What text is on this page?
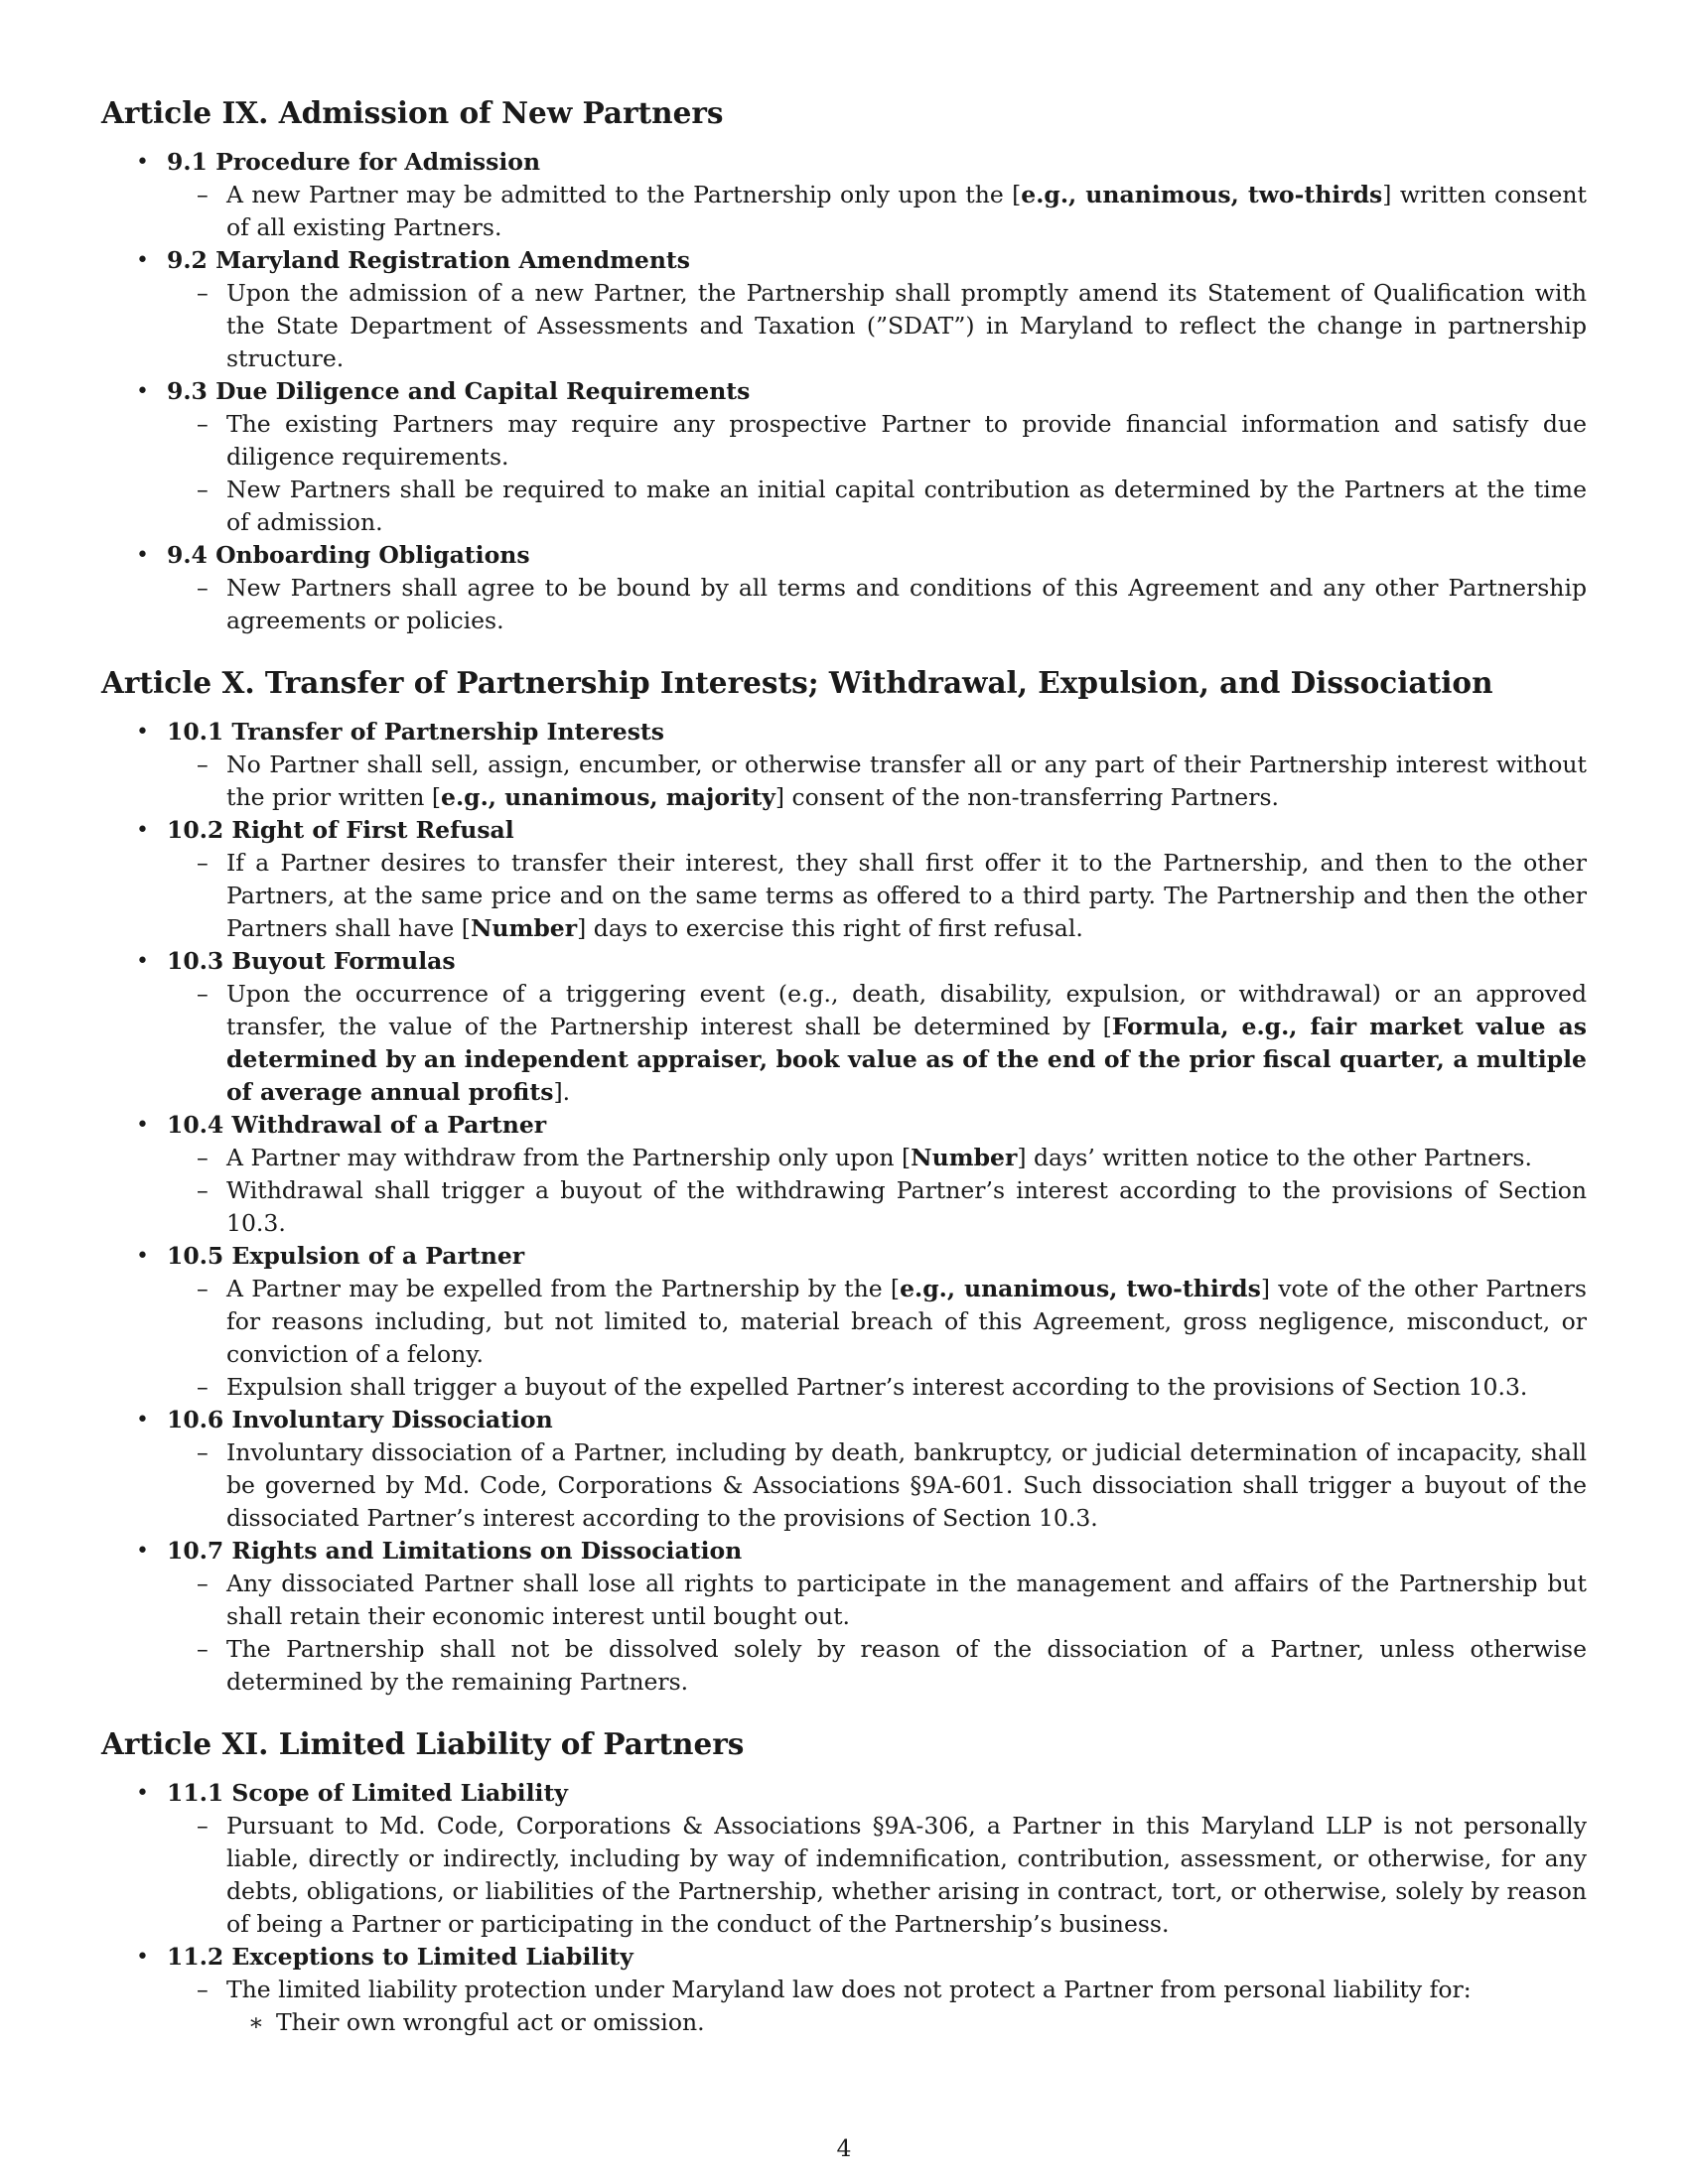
Article IX. Admission of New Partners
• 9.1 Procedure for Admission
– A new Partner may be admitted to the Partnership only upon the [e.g., unanimous, two-thirds] written consent of all existing Partners.
• 9.2 Maryland Registration Amendments
– Upon the admission of a new Partner, the Partnership shall promptly amend its Statement of Qualification with the State Department of Assessments and Taxation (”SDAT”) in Maryland to reflect the change in partnership structure.
• 9.3 Due Diligence and Capital Requirements
– The existing Partners may require any prospective Partner to provide financial information and satisfy due diligence requirements.
– New Partners shall be required to make an initial capital contribution as determined by the Partners at the time of admission.
• 9.4 Onboarding Obligations
– New Partners shall agree to be bound by all terms and conditions of this Agreement and any other Partnership agreements or policies.
Article X. Transfer of Partnership Interests; Withdrawal, Expulsion, and Dissociation
• 10.1 Transfer of Partnership Interests
– No Partner shall sell, assign, encumber, or otherwise transfer all or any part of their Partnership interest without the prior written [e.g., unanimous, majority] consent of the non-transferring Partners.
• 10.2 Right of First Refusal
– If a Partner desires to transfer their interest, they shall first offer it to the Partnership, and then to the other Partners, at the same price and on the same terms as offered to a third party. The Partnership and then the other Partners shall have [Number] days to exercise this right of first refusal.
• 10.3 Buyout Formulas
– Upon the occurrence of a triggering event (e.g., death, disability, expulsion, or withdrawal) or an approved transfer, the value of the Partnership interest shall be determined by [Formula, e.g., fair market value as determined by an independent appraiser, book value as of the end of the prior fiscal quarter, a multiple of average annual profits].
• 10.4 Withdrawal of a Partner
– A Partner may withdraw from the Partnership only upon [Number] days’ written notice to the other Partners.
– Withdrawal shall trigger a buyout of the withdrawing Partner’s interest according to the provisions of Section 10.3.
• 10.5 Expulsion of a Partner
– A Partner may be expelled from the Partnership by the [e.g., unanimous, two-thirds] vote of the other Partners for reasons including, but not limited to, material breach of this Agreement, gross negligence, misconduct, or conviction of a felony.
– Expulsion shall trigger a buyout of the expelled Partner’s interest according to the provisions of Section 10.3.
• 10.6 Involuntary Dissociation
– Involuntary dissociation of a Partner, including by death, bankruptcy, or judicial determination of incapacity, shall be governed by Md. Code, Corporations & Associations §9A-601. Such dissociation shall trigger a buyout of the dissociated Partner’s interest according to the provisions of Section 10.3.
• 10.7 Rights and Limitations on Dissociation
– Any dissociated Partner shall lose all rights to participate in the management and affairs of the Partnership but shall retain their economic interest until bought out.
– The Partnership shall not be dissolved solely by reason of the dissociation of a Partner, unless otherwise determined by the remaining Partners.
Article XI. Limited Liability of Partners
• 11.1 Scope of Limited Liability
– Pursuant to Md. Code, Corporations & Associations §9A-306, a Partner in this Maryland LLP is not personally liable, directly or indirectly, including by way of indemnification, contribution, assessment, or otherwise, for any debts, obligations, or liabilities of the Partnership, whether arising in contract, tort, or otherwise, solely by reason of being a Partner or participating in the conduct of the Partnership’s business.
• 11.2 Exceptions to Limited Liability
– The limited liability protection under Maryland law does not protect a Partner from personal liability for:
∗ Their own wrongful act or omission.
4
